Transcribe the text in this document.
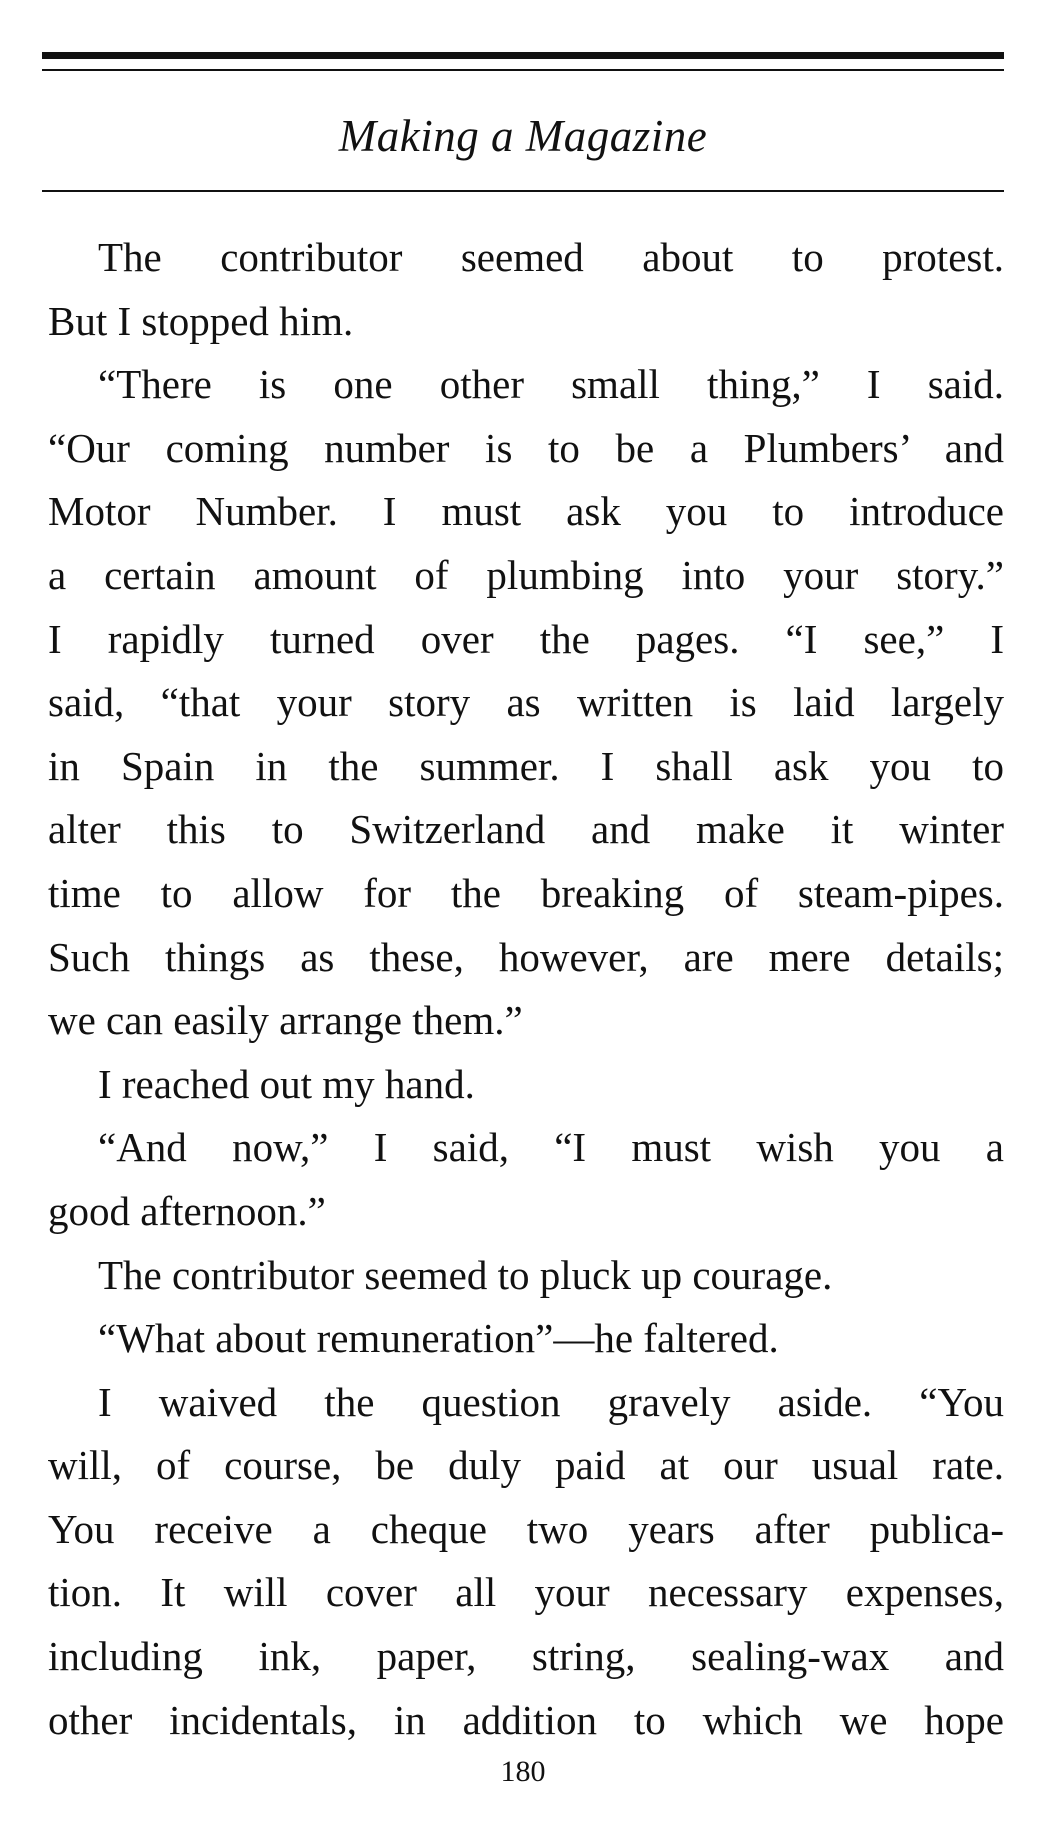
Making a Magazine
The contributor seemed about to protest.
But I stopped him.
“There is one other small thing,” I said.
“Our coming number is to be a Plumbers’ and
Motor Number. I must ask you to introduce
a certain amount of plumbing into your story.”
I rapidly turned over the pages. “I see,” I
said, “that your story as written is laid largely
in Spain in the summer. I shall ask you to
alter this to Switzerland and make it winter
time to allow for the breaking of steam-pipes.
Such things as these, however, are mere details;
we can easily arrange them.”
I reached out my hand.
“And now,” I said, “I must wish you a
good afternoon.”
The contributor seemed to pluck up courage.
“What about remuneration”—he faltered.
I waived the question gravely aside. “You
will, of course, be duly paid at our usual rate.
You receive a cheque two years after publica-
tion. It will cover all your necessary expenses,
including ink, paper, string, sealing-wax and
other incidentals, in addition to which we hope
180
